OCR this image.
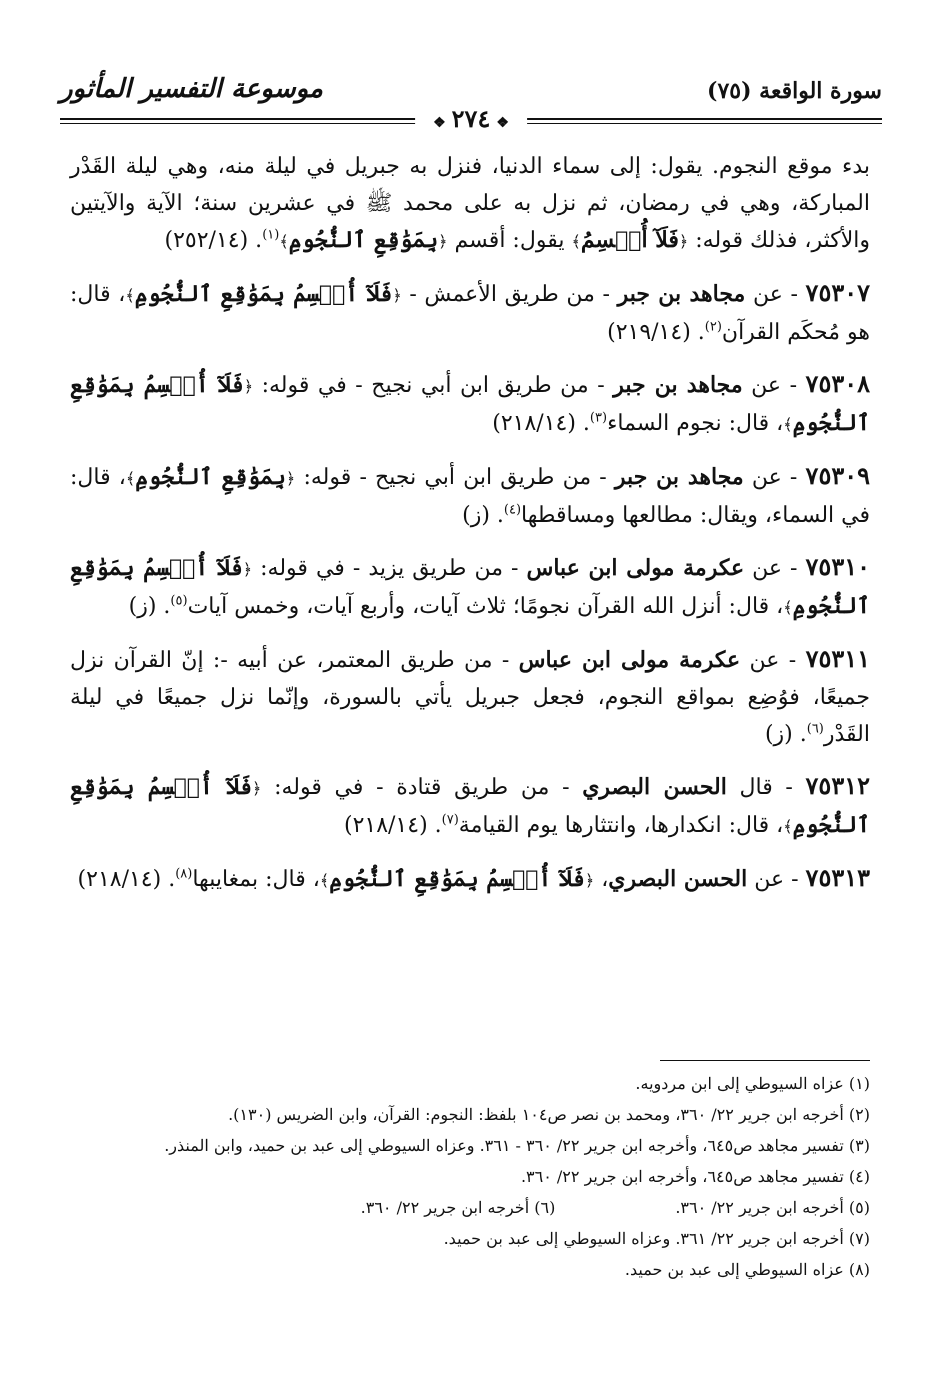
موسوعة التفسير المأثور	سورة الواقعة (٧٥)
❖٢٧٤❖

بدء موقع النجوم. يقول: إلى سماء الدنيا، فنزل به جبريل في ليلة منه، وهي ليلة القَدْر المباركة، وهي في رمضان، ثم نزل به على محمد ﷺ في عشرين سنة؛ الآية والآيتين والأكثر، فذلك قوله: ﴿فَلَآ أُقۡسِمُ﴾ يقول: أقسم ﴿بِمَوَٰقِعِ ٱلنُّجُومِ﴾$^{(١)}$. (٢٥٢/١٤)

٧٥٣٠٧ - عن مجاهد بن جبر - من طريق الأعمش - ﴿فَلَآ أُقۡسِمُ بِمَوَٰقِعِ ٱلنُّجُومِ﴾، قال: هو مُحكَم القرآن$^{(٢)}$. (٢١٩/١٤)

٧٥٣٠٨ - عن مجاهد بن جبر - من طريق ابن أبي نجيح - في قوله: ﴿فَلَآ أُقۡسِمُ بِمَوَٰقِعِ ٱلنُّجُومِ﴾، قال: نجوم السماء$^{(٣)}$. (٢١٨/١٤)

٧٥٣٠٩ - عن مجاهد بن جبر - من طريق ابن أبي نجيح - قوله: ﴿بِمَوَٰقِعِ ٱلنُّجُومِ﴾، قال: في السماء، ويقال: مطالعها ومساقطها$^{(٤)}$. (ز)

٧٥٣١٠ - عن عكرمة مولى ابن عباس - من طريق يزيد - في قوله: ﴿فَلَآ أُقۡسِمُ بِمَوَٰقِعِ ٱلنُّجُومِ﴾، قال: أنزل الله القرآن نجومًا؛ ثلاث آيات، وأربع آيات، وخمس آيات$^{(٥)}$. (ز)

٧٥٣١١ - عن عكرمة مولى ابن عباس - من طريق المعتمر، عن أبيه -: إنّ القرآن نزل جميعًا، فوُضِع بمواقع النجوم، فجعل جبريل يأتي بالسورة، وإنّما نزل جميعًا في ليلة القَدْر$^{(٦)}$. (ز)

٧٥٣١٢ - قال الحسن البصري - من طريق قتادة - في قوله: ﴿فَلَآ أُقۡسِمُ بِمَوَٰقِعِ ٱلنُّجُومِ﴾، قال: انكدارها، وانتثارها يوم القيامة$^{(٧)}$. (٢١٨/١٤)

٧٥٣١٣ - عن الحسن البصري، ﴿فَلَآ أُقۡسِمُ بِمَوَٰقِعِ ٱلنُّجُومِ﴾، قال: بمغايبها$^{(٨)}$. (٢١٨/١٤)

(١) عزاه السيوطي إلى ابن مردويه.
(٢) أخرجه ابن جرير ٢٢/ ٣٦٠، ومحمد بن نصر ص١٠٤ بلفظ: النجوم: القرآن، وابن الضريس (١٣٠).
(٣) تفسير مجاهد ص٦٤٥، وأخرجه ابن جرير ٢٢/ ٣٦٠ - ٣٦١. وعزاه السيوطي إلى عبد بن حميد، وابن المنذر.
(٤) تفسير مجاهد ص٦٤٥، وأخرجه ابن جرير ٢٢/ ٣٦٠.
(٥) أخرجه ابن جرير ٢٢/ ٣٦٠.
(٦) أخرجه ابن جرير ٢٢/ ٣٦٠.
(٧) أخرجه ابن جرير ٢٢/ ٣٦١. وعزاه السيوطي إلى عبد بن حميد.
(٨) عزاه السيوطي إلى عبد بن حميد.
